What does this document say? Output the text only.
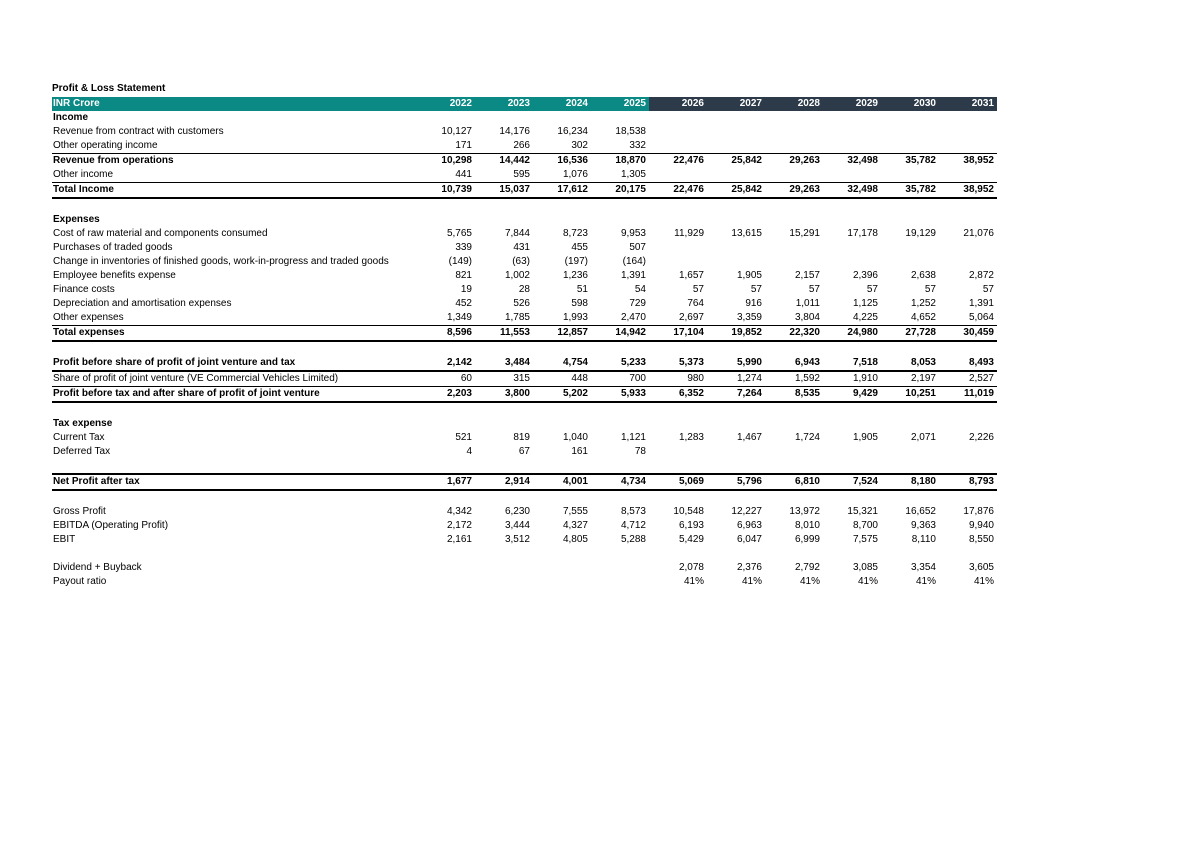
Profit & Loss Statement
INR Crore	2022	2023	2024	2025	2026	2027	2028	2029	2030	2031
Income										
Revenue from contract with customers	10,127	14,176	16,234	18,538						
Other operating income	171	266	302	332						
Revenue from operations	10,298	14,442	16,536	18,870	22,476	25,842	29,263	32,498	35,782	38,952
Other income	441	595	1,076	1,305						
Total Income	10,739	15,037	17,612	20,175	22,476	25,842	29,263	32,498	35,782	38,952

Expenses										
Cost of raw material and components consumed	5,765	7,844	8,723	9,953	11,929	13,615	15,291	17,178	19,129	21,076
Purchases of traded goods	339	431	455	507						
Change in inventories of finished goods, work-in-progress and traded goods	(149)	(63)	(197)	(164)						
Employee benefits expense	821	1,002	1,236	1,391	1,657	1,905	2,157	2,396	2,638	2,872
Finance costs	19	28	51	54	57	57	57	57	57	57
Depreciation and amortisation expenses	452	526	598	729	764	916	1,011	1,125	1,252	1,391
Other expenses	1,349	1,785	1,993	2,470	2,697	3,359	3,804	4,225	4,652	5,064
Total expenses	8,596	11,553	12,857	14,942	17,104	19,852	22,320	24,980	27,728	30,459

Profit before share of profit of joint venture and tax	2,142	3,484	4,754	5,233	5,373	5,990	6,943	7,518	8,053	8,493
Share of profit of joint venture (VE Commercial Vehicles Limited)	60	315	448	700	980	1,274	1,592	1,910	2,197	2,527
Profit before tax and after share of profit of joint venture	2,203	3,800	5,202	5,933	6,352	7,264	8,535	9,429	10,251	11,019

Tax expense										
Current Tax	521	819	1,040	1,121	1,283	1,467	1,724	1,905	2,071	2,226
Deferred Tax	4	67	161	78						

Net Profit after tax	1,677	2,914	4,001	4,734	5,069	5,796	6,810	7,524	8,180	8,793

Gross Profit	4,342	6,230	7,555	8,573	10,548	12,227	13,972	15,321	16,652	17,876
EBITDA (Operating Profit)	2,172	3,444	4,327	4,712	6,193	6,963	8,010	8,700	9,363	9,940
EBIT	2,161	3,512	4,805	5,288	5,429	6,047	6,999	7,575	8,110	8,550

Dividend + Buyback					2,078	2,376	2,792	3,085	3,354	3,605
Payout ratio					41%	41%	41%	41%	41%	41%
